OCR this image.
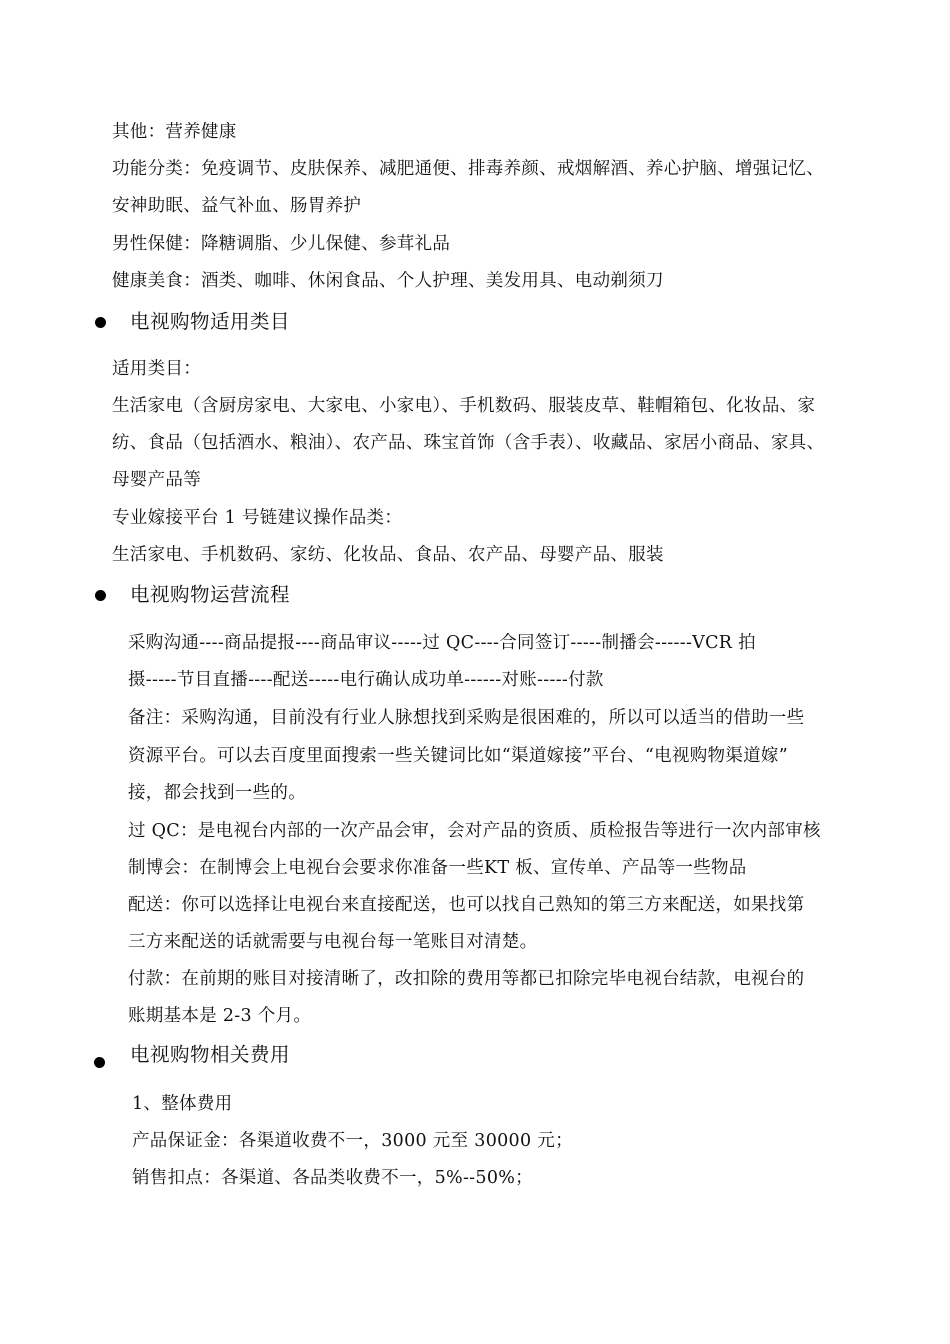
其他：营养健康
功能分类：免疫调节、皮肤保养、减肥通便、排毒养颜、戒烟解酒、养心护脑、增强记忆、
安神助眠、益气补血、肠胃养护
男性保健：降糖调脂、少儿保健、参茸礼品
健康美食：酒类、咖啡、休闲食品、个人护理、美发用具、电动剃须刀
电视购物适用类目
适用类目：
生活家电（含厨房家电、大家电、小家电）、手机数码、服装皮草、鞋帽箱包、化妆品、家
纺、食品（包括酒水、粮油）、农产品、珠宝首饰（含手表）、收藏品、家居小商品、家具、
母婴产品等
专业嫁接平台 1 号链建议操作品类：
生活家电、手机数码、家纺、化妆品、食品、农产品、母婴产品、服装
电视购物运营流程
采购沟通----商品提报----商品审议-----过 QC----合同签订-----制播会------VCR 拍
摄-----节目直播----配送-----电行确认成功单------对账-----付款
备注：采购沟通，目前没有行业人脉想找到采购是很困难的，所以可以适当的借助一些
资源平台。可以去百度里面搜索一些关键词比如“渠道嫁接”平台、“电视购物渠道嫁”
接，都会找到一些的。
过 QC：是电视台内部的一次产品会审，会对产品的资质、质检报告等进行一次内部审核
制博会：在制博会上电视台会要求你准备一些KT 板、宣传单、产品等一些物品
配送：你可以选择让电视台来直接配送，也可以找自己熟知的第三方来配送，如果找第
三方来配送的话就需要与电视台每一笔账目对清楚。
付款：在前期的账目对接清晰了，改扣除的费用等都已扣除完毕电视台结款，电视台的
账期基本是 2-3 个月。
电视购物相关费用
1、整体费用
产品保证金：各渠道收费不一，3000 元至 30000 元；
销售扣点：各渠道、各品类收费不一，5%--50%；
